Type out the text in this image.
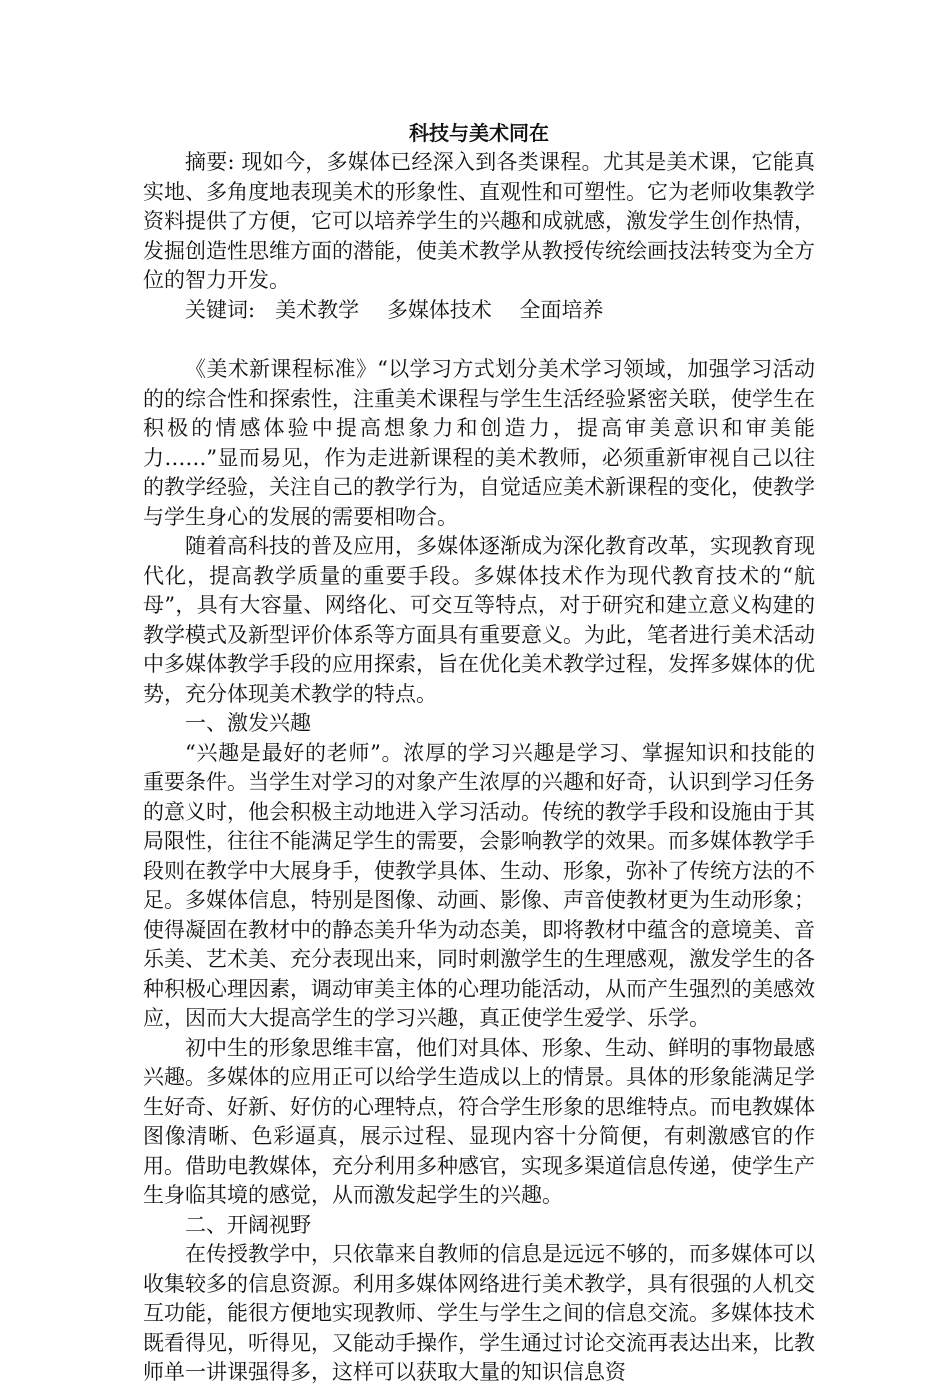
科技与美术同在

摘要: 现如今，多媒体已经深入到各类课程。尤其是美术课，它能真实地、多角度地表现美术的形象性、直观性和可塑性。它为老师收集教学资料提供了方便，它可以培养学生的兴趣和成就感，激发学生创作热情，发掘创造性思维方面的潜能，使美术教学从教授传统绘画技法转变为全方位的智力开发。

关键词: 美术教学 多媒体技术 全面培养

《美术新课程标准》“以学习方式划分美术学习领域，加强学习活动的的综合性和探索性，注重美术课程与学生生活经验紧密关联，使学生在积极的情感体验中提高想象力和创造力，提高审美意识和审美能力……”显而易见，作为走进新课程的美术教师，必须重新审视自己以往的教学经验，关注自己的教学行为，自觉适应美术新课程的变化，使教学与学生身心的发展的需要相吻合。

随着高科技的普及应用，多媒体逐渐成为深化教育改革，实现教育现代化，提高教学质量的重要手段。多媒体技术作为现代教育技术的“航母”，具有大容量、网络化、可交互等特点，对于研究和建立意义构建的教学模式及新型评价体系等方面具有重要意义。为此，笔者进行美术活动中多媒体教学手段的应用探索，旨在优化美术教学过程，发挥多媒体的优势，充分体现美术教学的特点。

一、激发兴趣

“兴趣是最好的老师”。浓厚的学习兴趣是学习、掌握知识和技能的重要条件。当学生对学习的对象产生浓厚的兴趣和好奇，认识到学习任务的意义时，他会积极主动地进入学习活动。传统的教学手段和设施由于其局限性，往往不能满足学生的需要，会影响教学的效果。而多媒体教学手段则在教学中大展身手，使教学具体、生动、形象，弥补了传统方法的不足。多媒体信息，特别是图像、动画、影像、声音使教材更为生动形象；使得凝固在教材中的静态美升华为动态美，即将教材中蕴含的意境美、音乐美、艺术美、充分表现出来，同时刺激学生的生理感观，激发学生的各种积极心理因素，调动审美主体的心理功能活动，从而产生强烈的美感效应，因而大大提高学生的学习兴趣，真正使学生爱学、乐学。

初中生的形象思维丰富，他们对具体、形象、生动、鲜明的事物最感兴趣。多媒体的应用正可以给学生造成以上的情景。具体的形象能满足学生好奇、好新、好仿的心理特点，符合学生形象的思维特点。而电教媒体图像清晰、色彩逼真，展示过程、显现内容十分简便，有刺激感官的作用。借助电教媒体，充分利用多种感官，实现多渠道信息传递，使学生产生身临其境的感觉，从而激发起学生的兴趣。

二、开阔视野

在传授教学中，只依靠来自教师的信息是远远不够的，而多媒体可以收集较多的信息资源。利用多媒体网络进行美术教学，具有很强的人机交互功能，能很方便地实现教师、学生与学生之间的信息交流。多媒体技术既看得见，听得见，又能动手操作，学生通过讨论交流再表达出来，比教师单一讲课强得多，这样可以获取大量的知识信息资
